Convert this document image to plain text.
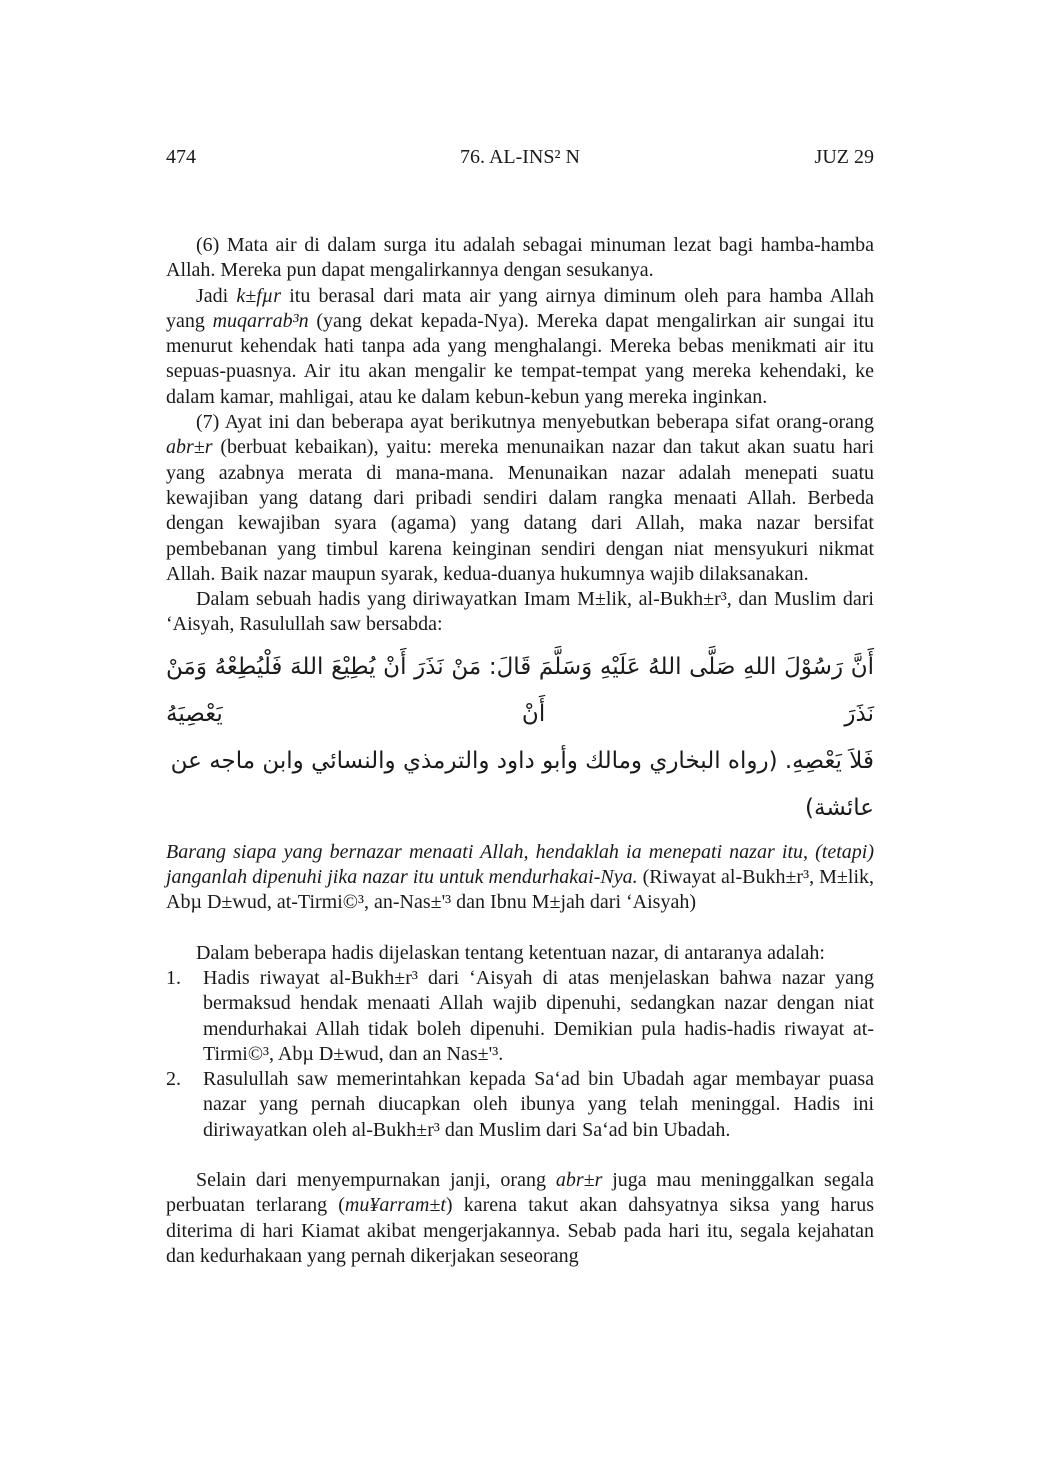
76. AL-INS² N
474	JUZ 29

(6) Mata air di dalam surga itu adalah sebagai minuman lezat bagi hamba-hamba Allah. Mereka pun dapat mengalirkannya dengan sesukanya.

Jadi k±fµr itu berasal dari mata air yang airnya diminum oleh para hamba Allah yang muqarrab³n (yang dekat kepada-Nya). Mereka dapat mengalirkan air sungai itu menurut kehendak hati tanpa ada yang menghalangi. Mereka bebas menikmati air itu sepuas-puasnya. Air itu akan mengalir ke tempat-tempat yang mereka kehendaki, ke dalam kamar, mahligai, atau ke dalam kebun-kebun yang mereka inginkan.

(7) Ayat ini dan beberapa ayat berikutnya menyebutkan beberapa sifat orang-orang abr±r (berbuat kebaikan), yaitu: mereka menunaikan nazar dan takut akan suatu hari yang azabnya merata di mana-mana. Menunaikan nazar adalah menepati suatu kewajiban yang datang dari pribadi sendiri dalam rangka menaati Allah. Berbeda dengan kewajiban syara (agama) yang datang dari Allah, maka nazar bersifat pembebanan yang timbul karena keinginan sendiri dengan niat mensyukuri nikmat Allah. Baik nazar maupun syarak, kedua-duanya hukumnya wajib dilaksanakan.

Dalam sebuah hadis yang diriwayatkan Imam M±lik, al-Bukh±r³, dan Muslim dari ‘Aisyah, Rasulullah saw bersabda:

أَنَّ رَسُوْلَ اللهِ صَلَّى اللهُ عَلَيْهِ وَسَلَّمَ قَالَ: مَنْ نَذَرَ أَنْ يُطِيْعَ اللهَ فَلْيُطِعْهُ وَمَنْ نَذَرَ أَنْ يَعْصِيَهُ
فَلاَ يَعْصِهِ. (رواه البخاري ومالك وأبو داود والترمذي والنسائي وابن ماجه عن عائشة)

Barang siapa yang bernazar menaati Allah, hendaklah ia menepati nazar itu, (tetapi) janganlah dipenuhi jika nazar itu untuk mendurhakai-Nya. (Riwayat al-Bukh±r³, M±lik, Abµ D±wud, at-Tirmi©³, an-Nas±'³ dan Ibnu M±jah dari ‘Aisyah)

Dalam beberapa hadis dijelaskan tentang ketentuan nazar, di antaranya adalah:

1. Hadis riwayat al-Bukh±r³ dari ‘Aisyah di atas menjelaskan bahwa nazar yang bermaksud hendak menaati Allah wajib dipenuhi, sedangkan nazar dengan niat mendurhakai Allah tidak boleh dipenuhi. Demikian pula hadis-hadis riwayat at-Tirmi©³, Abµ D±wud, dan an Nas±'³.
2. Rasulullah saw memerintahkan kepada Sa‘ad bin Ubadah agar membayar puasa nazar yang pernah diucapkan oleh ibunya yang telah meninggal. Hadis ini diriwayatkan oleh al-Bukh±r³ dan Muslim dari Sa‘ad bin Ubadah.

Selain dari menyempurnakan janji, orang abr±r juga mau meninggalkan segala perbuatan terlarang (mu¥arram±t) karena takut akan dahsyatnya siksa yang harus diterima di hari Kiamat akibat mengerjakannya. Sebab pada hari itu, segala kejahatan dan kedurhakaan yang pernah dikerjakan seseorang
